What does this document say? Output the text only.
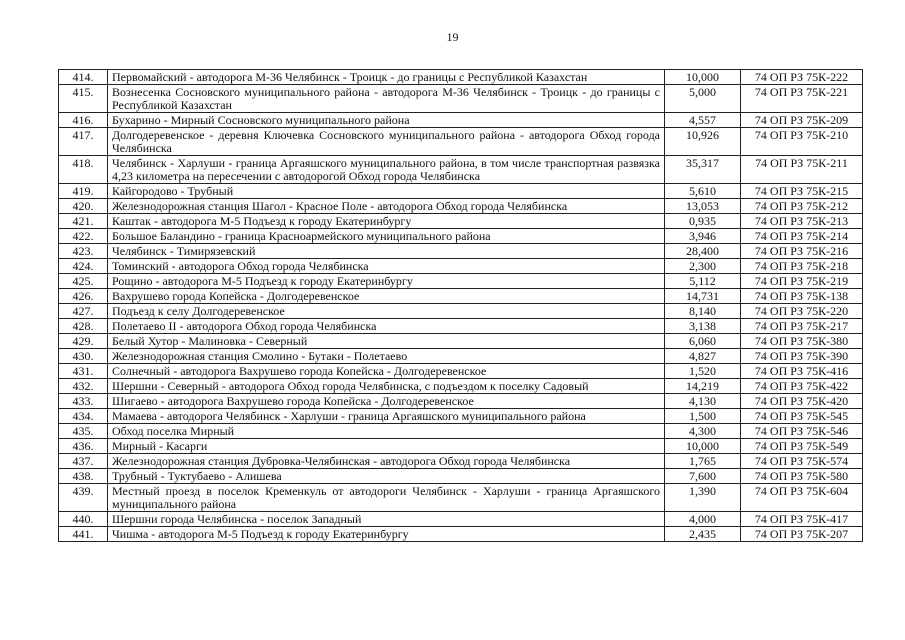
19
414.	Первомайский - автодорога М-36 Челябинск - Троицк - до границы с Республикой Казахстан	10,000	74 ОП РЗ 75К-222
415.	Вознесенка Сосновского муниципального района - автодорога М-36 Челябинск - Троицк - до границы с Республикой Казахстан	5,000	74 ОП РЗ 75К-221
416.	Бухарино - Мирный Сосновского муниципального района	4,557	74 ОП РЗ 75К-209
417.	Долгодеревенское - деревня Ключевка Сосновского муниципального района - автодорога Обход города Челябинска	10,926	74 ОП РЗ 75К-210
418.	Челябинск - Харлуши - граница Аргаяшского муниципального района, в том числе транспортная развязка 4,23 километра на пересечении с автодорогой Обход города Челябинска	35,317	74 ОП РЗ 75К-211
419.	Кайгородово - Трубный	5,610	74 ОП РЗ 75К-215
420.	Железнодорожная станция Шагол - Красное Поле - автодорога Обход города Челябинска	13,053	74 ОП РЗ 75К-212
421.	Каштак - автодорога М-5 Подъезд к городу Екатеринбургу	0,935	74 ОП РЗ 75К-213
422.	Большое Баландино - граница Красноармейского муниципального района	3,946	74 ОП РЗ 75К-214
423.	Челябинск - Тимирязевский	28,400	74 ОП РЗ 75К-216
424.	Томинский - автодорога Обход города Челябинска	2,300	74 ОП РЗ 75К-218
425.	Рощино - автодорога М-5 Подъезд к городу Екатеринбургу	5,112	74 ОП РЗ 75К-219
426.	Вахрушево города Копейска - Долгодеревенское	14,731	74 ОП РЗ 75К-138
427.	Подъезд к селу Долгодеревенское	8,140	74 ОП РЗ 75К-220
428.	Полетаево II - автодорога Обход города Челябинска	3,138	74 ОП РЗ 75К-217
429.	Белый Хутор - Малиновка - Северный	6,060	74 ОП РЗ 75К-380
430.	Железнодорожная станция Смолино - Бутаки - Полетаево	4,827	74 ОП РЗ 75К-390
431.	Солнечный - автодорога Вахрушево города Копейска - Долгодеревенское	1,520	74 ОП РЗ 75К-416
432.	Шершни - Северный - автодорога Обход города Челябинска, с подъездом к поселку Садовый	14,219	74 ОП РЗ 75К-422
433.	Шигаево - автодорога Вахрушево города Копейска - Долгодеревенское	4,130	74 ОП РЗ 75К-420
434.	Мамаева - автодорога Челябинск - Харлуши - граница Аргаяшского муниципального района	1,500	74 ОП РЗ 75К-545
435.	Обход поселка Мирный	4,300	74 ОП РЗ 75К-546
436.	Мирный - Касарги	10,000	74 ОП РЗ 75К-549
437.	Железнодорожная станция Дубровка-Челябинская - автодорога Обход города Челябинска	1,765	74 ОП РЗ 75К-574
438.	Трубный - Туктубаево - Алишева	7,600	74 ОП РЗ 75К-580
439.	Местный проезд в поселок Кременкуль от автодороги Челябинск - Харлуши - граница Аргаяшского муниципального района	1,390	74 ОП РЗ 75К-604
440.	Шершни города Челябинска - поселок Западный	4,000	74 ОП РЗ 75К-417
441.	Чишма - автодорога М-5 Подъезд к городу Екатеринбургу	2,435	74 ОП РЗ 75К-207
